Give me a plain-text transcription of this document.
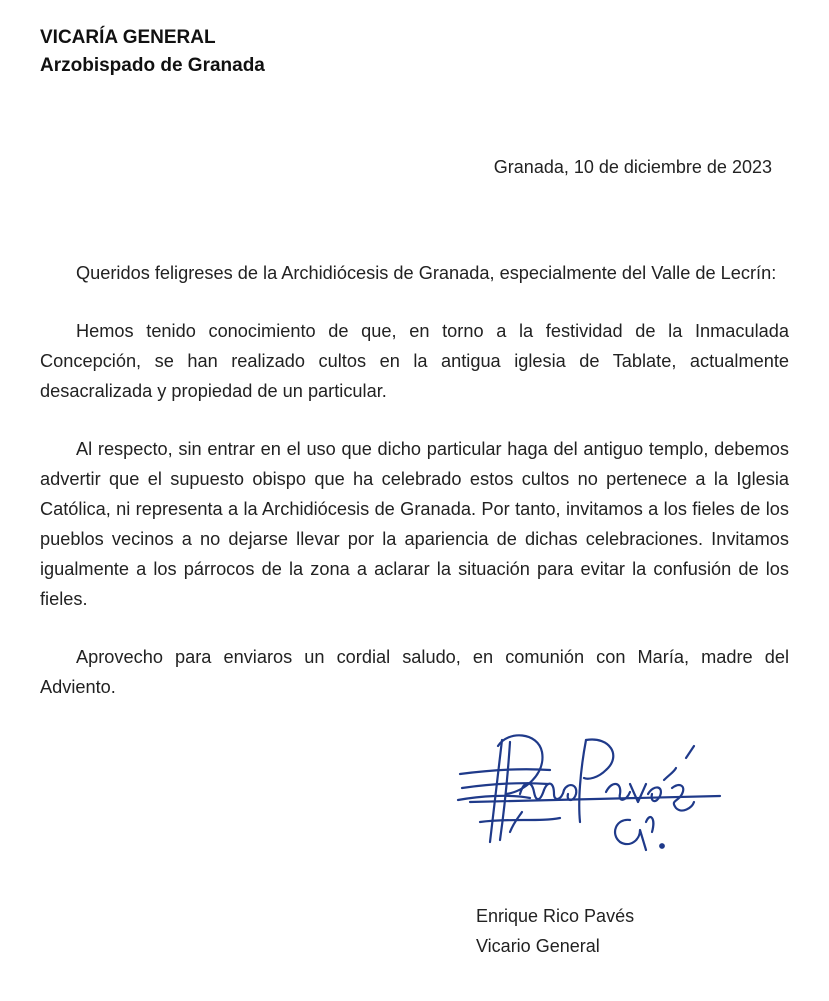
VICARÍA GENERAL
Arzobispado de Granada
Granada, 10 de diciembre de 2023

Queridos feligreses de la Archidiócesis de Granada, especialmente del Valle de Lecrín:

Hemos tenido conocimiento de que, en torno a la festividad de la Inmaculada Concepción, se han realizado cultos en la antigua iglesia de Tablate, actualmente desacralizada y propiedad de un particular.

Al respecto, sin entrar en el uso que dicho particular haga del antiguo templo, debemos advertir que el supuesto obispo que ha celebrado estos cultos no pertenece a la Iglesia Católica, ni representa a la Archidiócesis de Granada. Por tanto, invitamos a los fieles de los pueblos vecinos a no dejarse llevar por la apariencia de dichas celebraciones. Invitamos igualmente a los párrocos de la zona a aclarar la situación para evitar la confusión de los fieles.

Aprovecho para enviaros un cordial saludo, en comunión con María, madre del Adviento.

Enrique Rico Pavés
Vicario General
